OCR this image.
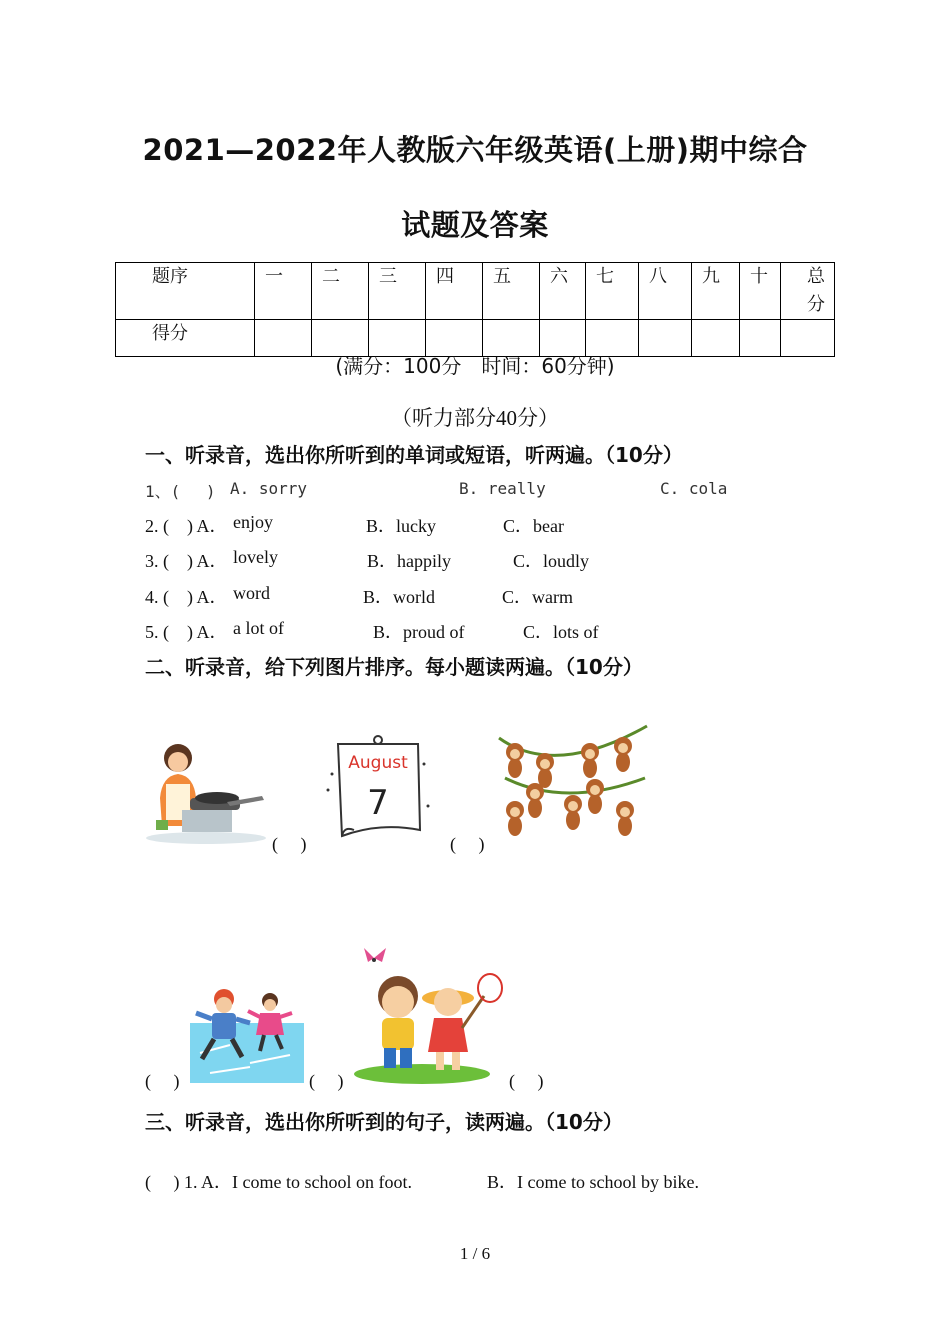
2021—2022年人教版六年级英语(上册)期中综合
试题及答案
题序	一	二	三	四	五	六	七	八	九	十	总分
得分											
(满分：100分　时间：60分钟)
（听力部分40分）
一、听录音，选出你所听到的单词或短语，听两遍。（10分）
1、(　 ) A. sorry	B. really	C. cola
2. (　) A． enjoy	B．lucky	C．bear
3. (　) A． lovely	B．happily	C．loudly
4. (　) A． word	B．world	C．warm
5. (　) A． a lot of	B．proud of	C．lots of
二、听录音，给下列图片排序。每小题读两遍。（10分）
(　 )
August
7
(　 )
(　 )	(　 )	(　 )
三、听录音，选出你所听到的句子，读两遍。（10分）
(　 ) 1. A．I come to school on foot.	B．I come to school by bike.
1 / 6
